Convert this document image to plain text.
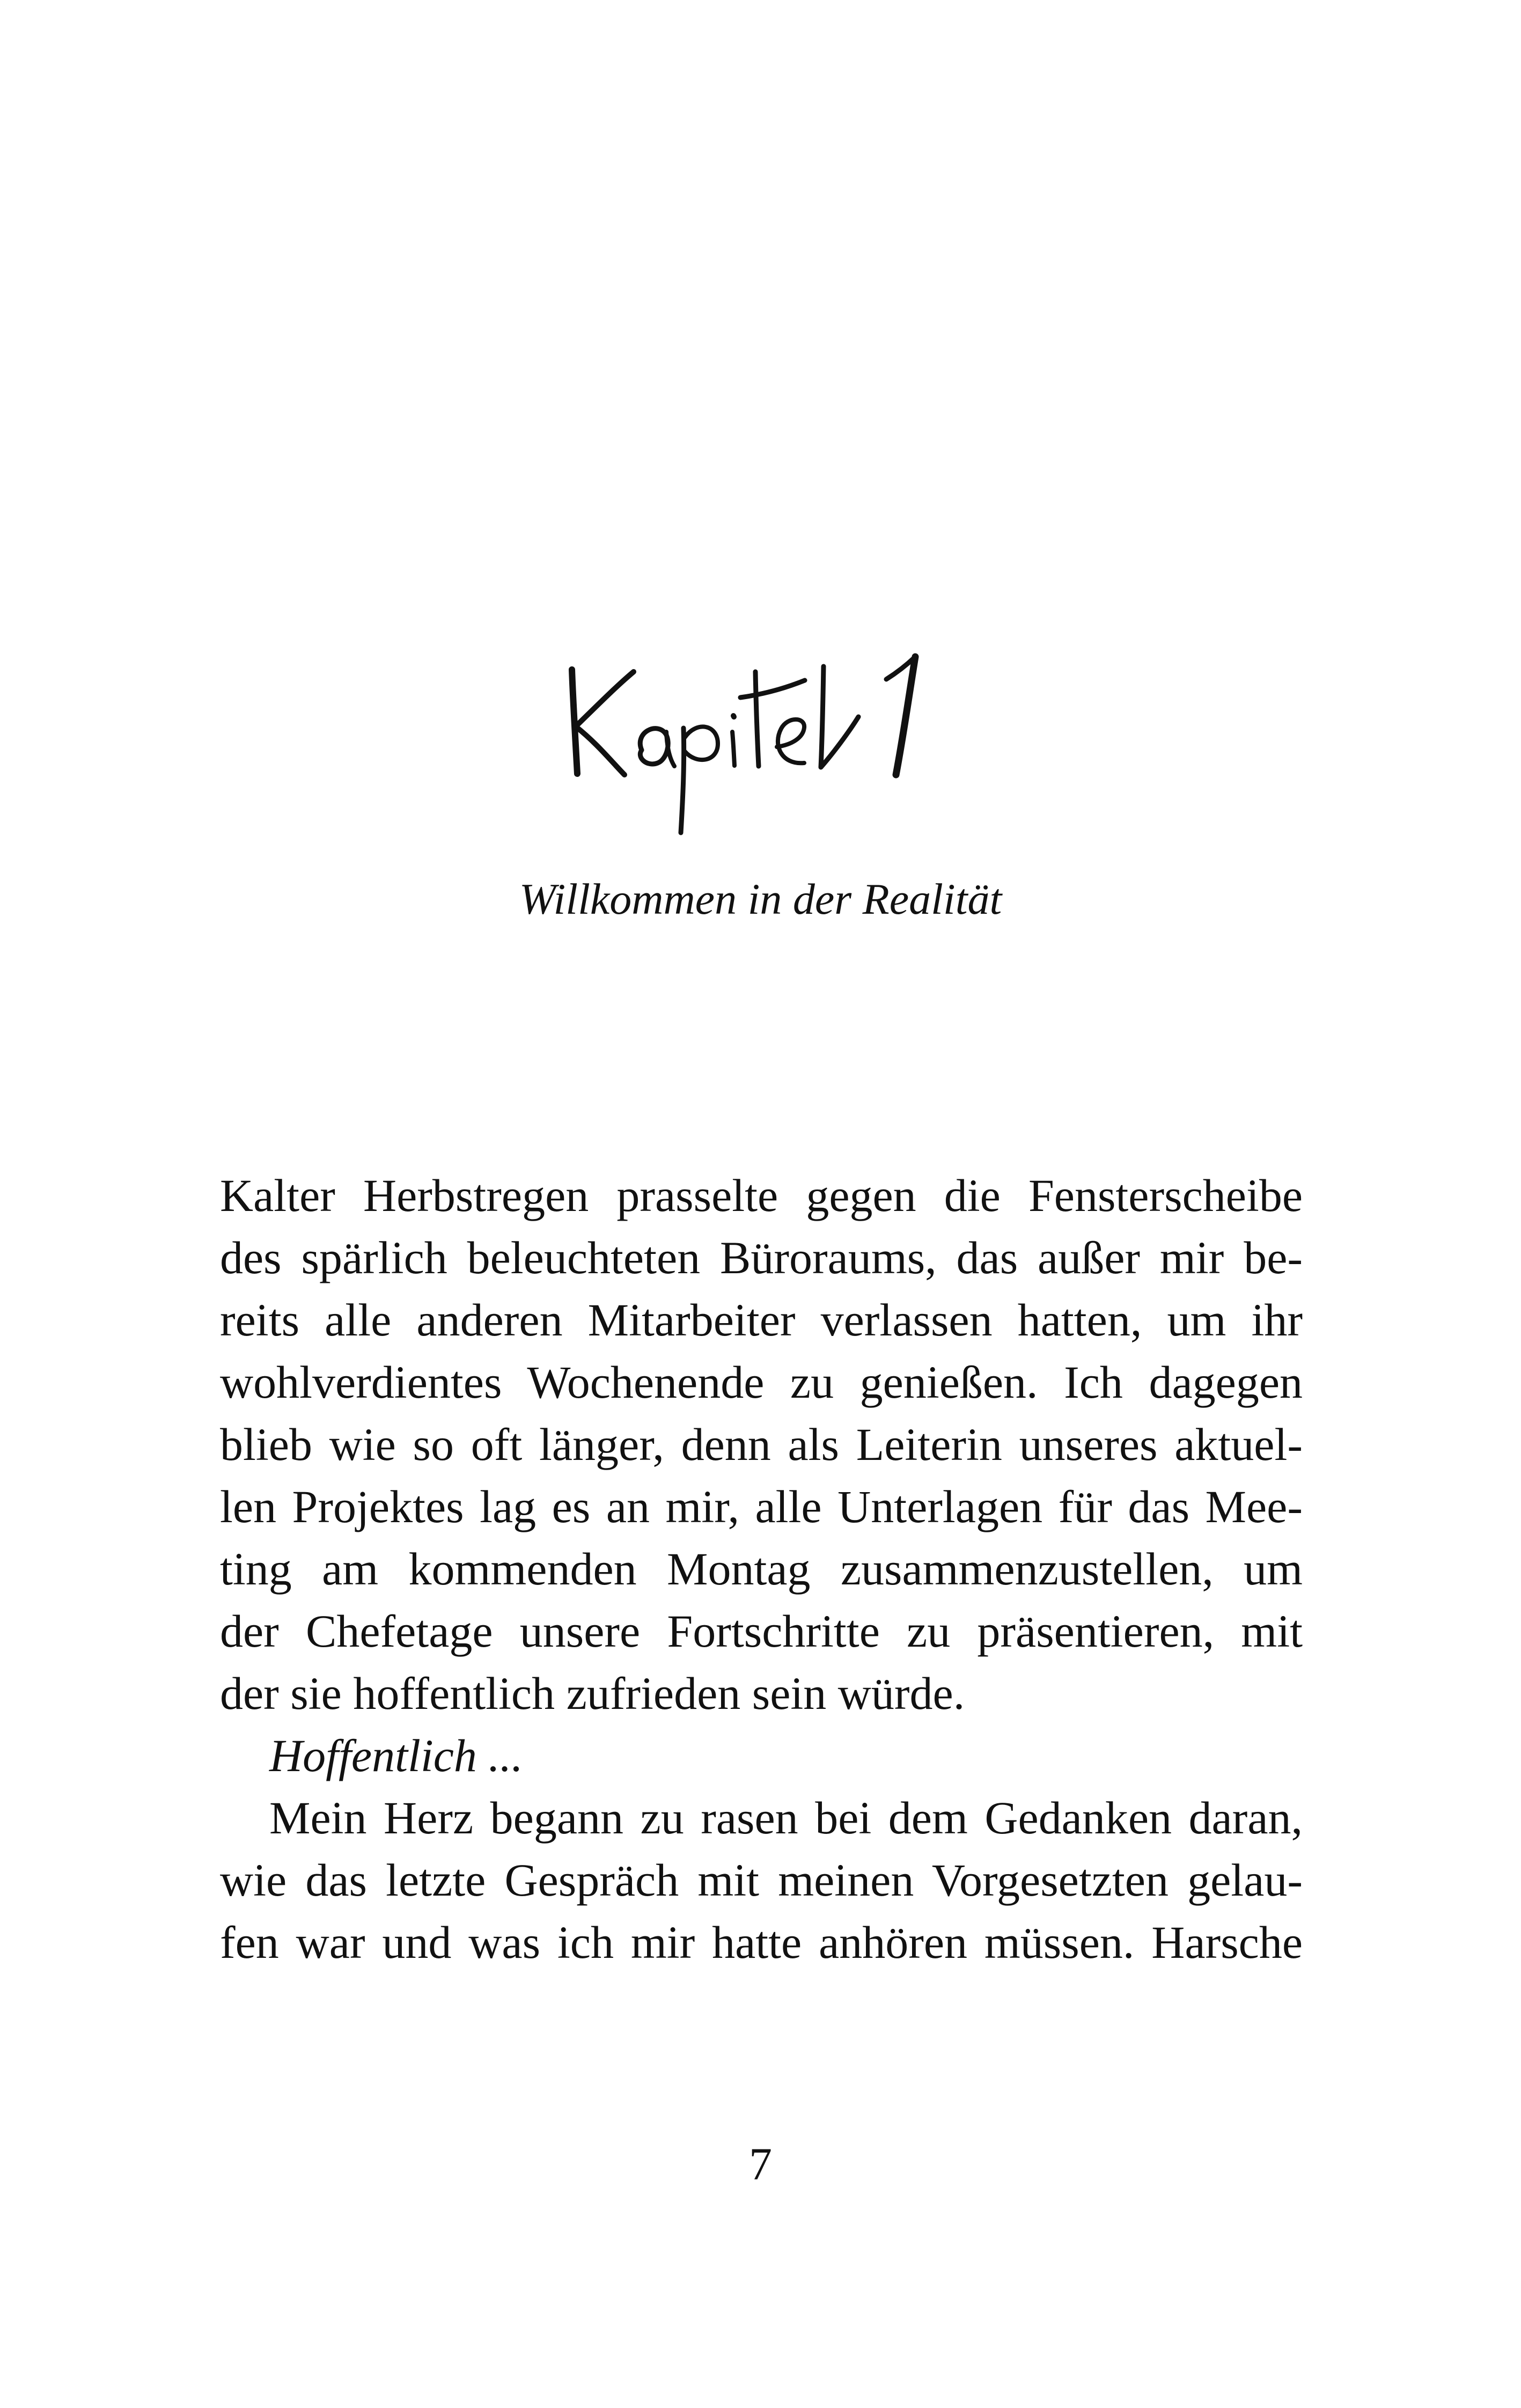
Willkommen in der Realität
Kalter Herbstregen prasselte gegen die Fensterscheibe
des spärlich beleuchteten Büroraums, das außer mir be-
reits alle anderen Mitarbeiter verlassen hatten, um ihr
wohlverdientes Wochenende zu genießen. Ich dagegen
blieb wie so oft länger, denn als Leiterin unseres aktuel-
len Projektes lag es an mir, alle Unterlagen für das Mee-
ting am kommenden Montag zusammenzustellen, um
der Chefetage unsere Fortschritte zu präsentieren, mit
der sie hoffentlich zufrieden sein würde.
Hoffentlich ...
Mein Herz begann zu rasen bei dem Gedanken daran,
wie das letzte Gespräch mit meinen Vorgesetzten gelau-
fen war und was ich mir hatte anhören müssen. Harsche
7
